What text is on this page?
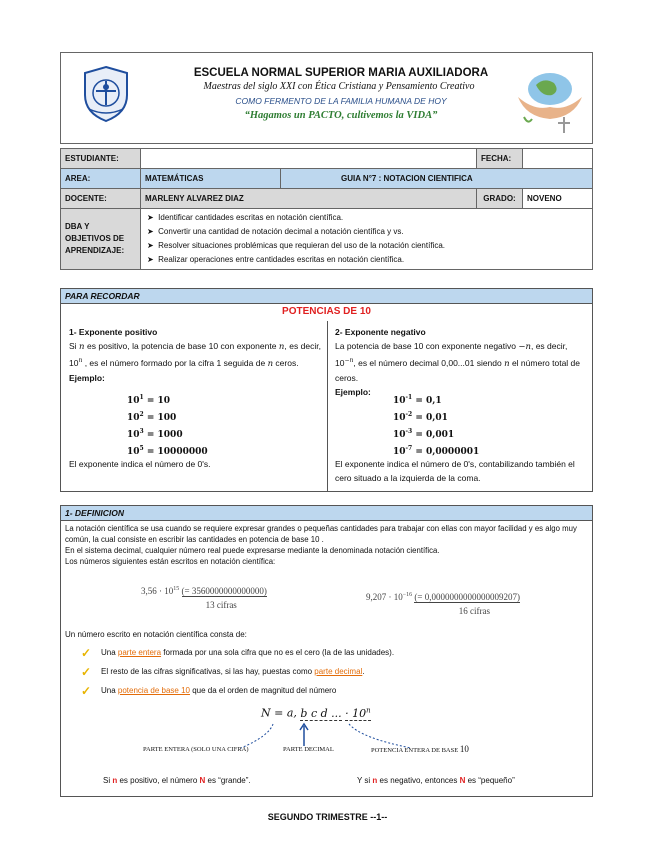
ESCUELA NORMAL SUPERIOR MARIA AUXILIADORA
Maestras del siglo XXI con Ética Cristiana y Pensamiento Creativo
COMO FERMENTO DE LA FAMILIA HUMANA DE HOY
“Hagamos un PACTO, cultivemos la VIDA”
ESTUDIANTE:			FECHA:	
AREA:	MATEMÁTICAS	GUIA N°7 : NOTACION CIENTIFICA		
DOCENTE:	MARLENY ALVAREZ DIAZ		GRADO:	NOVENO
DBA Y OBJETIVOS DE APRENDIZAJE:	➤  Identificar cantidades escritas en notación científica.
➤  Convertir una cantidad de notación decimal a notación científica y vs.
➤  Resolver situaciones problémicas que requieran del uso de la notación científica.
➤  Realizar operaciones entre cantidades escritas en notación científica.			
PARA RECORDAR
POTENCIAS DE 10
1- Exponente positivo
Si n es positivo, la potencia de base 10 con exponente n, es decir, 10$^n$ , es el número formado por la cifra 1 seguida de n ceros.
Ejemplo:
$10^1 = 10$
$10^2 = 100$
$10^3 = 1000$
$10^5 = 10000000$
El exponente indica el número de 0's.
2- Exponente negativo
La potencia de base 10 con exponente negativo −n, es decir, $10^{-n}$, es el número decimal 0,00...01 siendo n el número total de ceros.
Ejemplo:
$10^{-1} = 0,1$
$10^{-2} = 0,01$
$10^{-3} = 0,001$
$10^{-7} = 0,0000001$
El exponente indica el número de 0's, contabilizando también el cero situado a la izquierda de la coma.
1- DEFINICION
La notación científica se usa cuando se requiere expresar grandes o pequeñas cantidades para trabajar con ellas con mayor facilidad y es algo muy común, la cual consiste en escribir las cantidades en potencia de base 10 .
En el sistema decimal, cualquier número real puede expresarse mediante la denominada notación científica.
Los números siguientes están escritos en notación científica:
$3,56 \cdot 10^{15}$ (= 3560000000000000)
13 cifras
$9,207 \cdot 10^{-16}$ (= 0,0000000000000009207)
16 cifras
Un número escrito en notación científica consta de:
✓ Una parte entera formada por una sola cifra que no es el cero (la de las unidades).
✓ El resto de las cifras significativas, si las hay, puestas como parte decimal.
✓ Una potencia de base 10 que da el orden de magnitud del número
N = a, b c d ... · $10^n$
PARTE ENTERA (SOLO UNA CIFRA)	PARTE DECIMAL	POTENCIA ENTERA DE BASE 10
Si n es positivo, el número N es “grande”.	Y si n es negativo, entonces N es “pequeño”
SEGUNDO TRIMESTRE --1--
